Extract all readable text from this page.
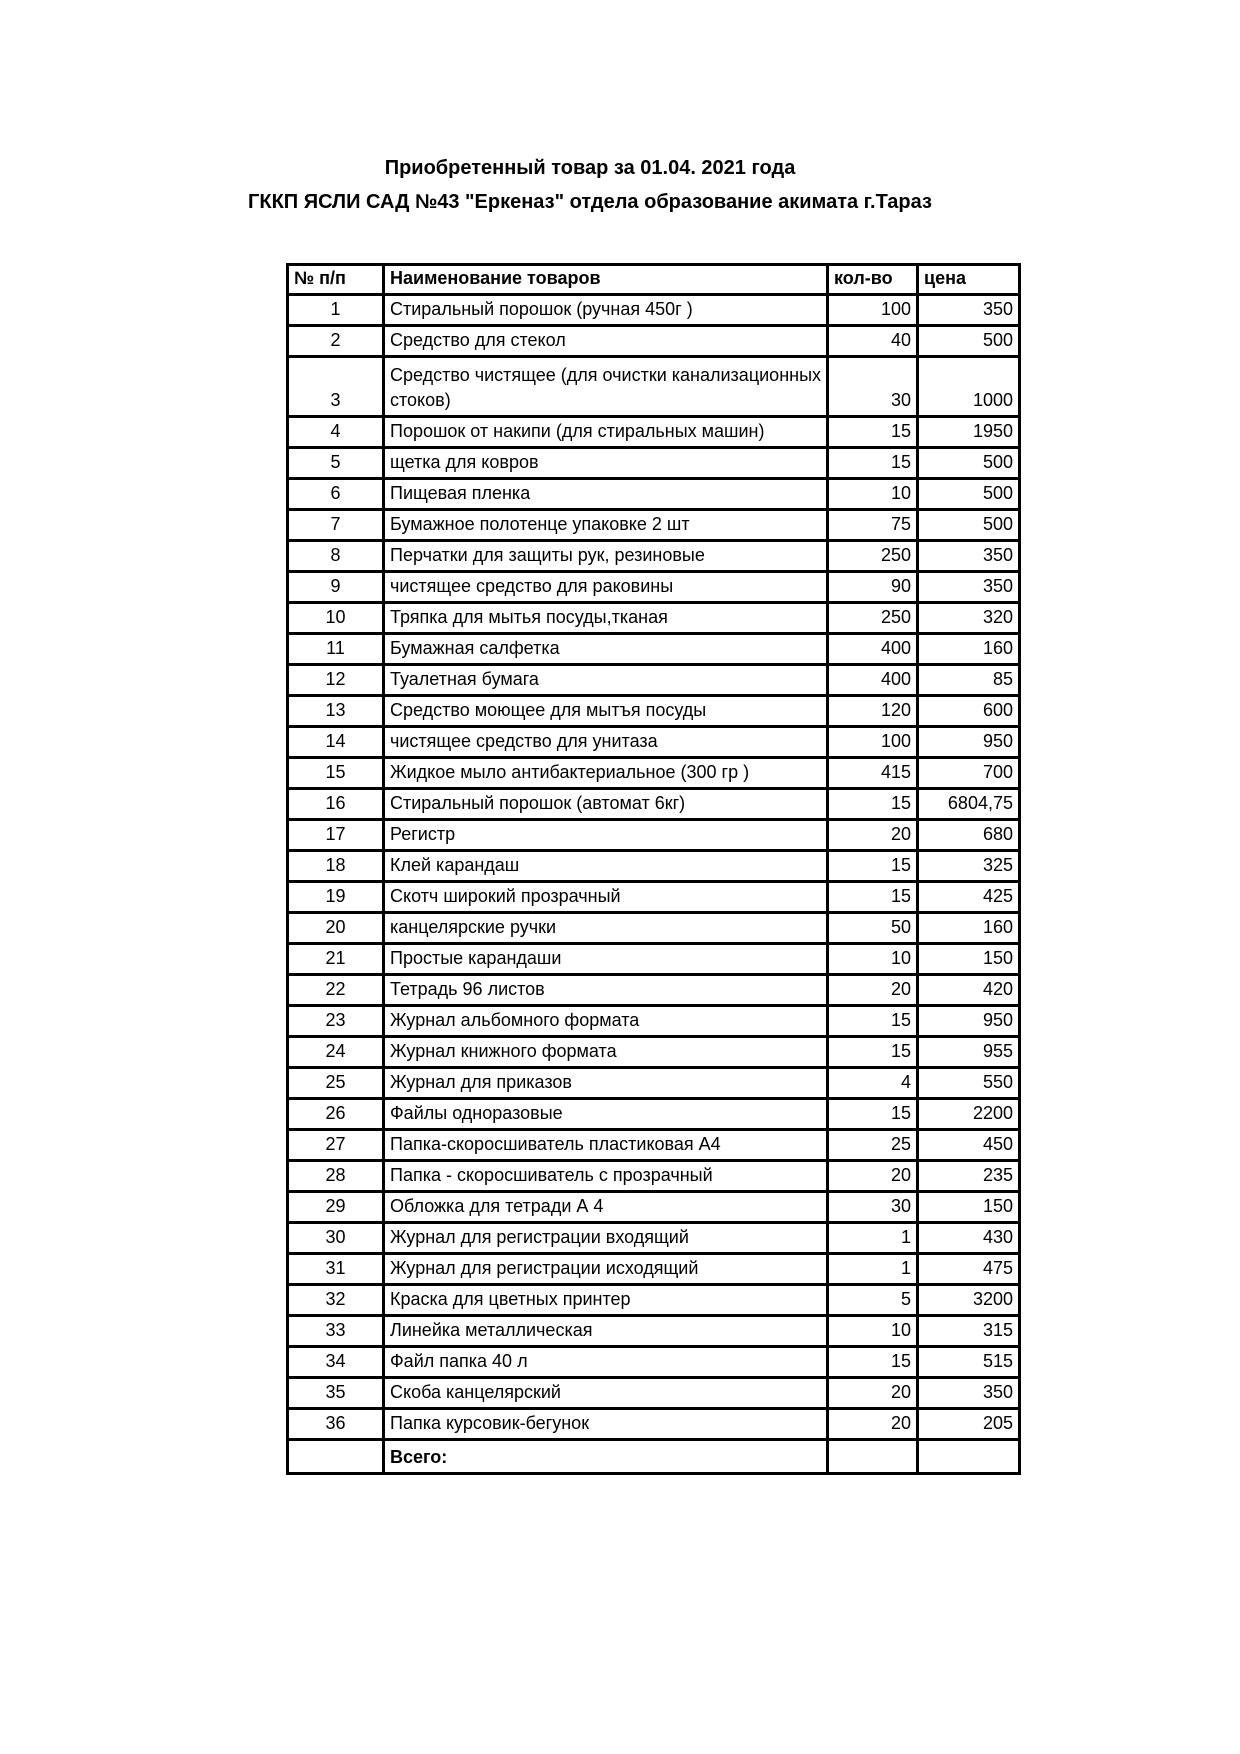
Приобретенный товар за 01.04. 2021 года
ГККП ЯСЛИ САД №43 "Еркеназ" отдела образование акимата г.Тараз
№ п/п	Наименование товаров	кол-во	цена
1	Стиральный порошок (ручная 450г )	100	350
2	Средство для стекол	40	500
3	Средство чистящее (для очистки канализационных стоков)	30	1000
4	Порошок от накипи (для стиральных машин)	15	1950
5	щетка для ковров	15	500
6	Пищевая пленка	10	500
7	Бумажное полотенце упаковке 2 шт	75	500
8	Перчатки для защиты рук, резиновые	250	350
9	чистящее средство для раковины	90	350
10	Тряпка для мытья посуды,тканая	250	320
11	Бумажная салфетка	400	160
12	Туалетная бумага	400	85
13	Средство моющее для мытъя посуды	120	600
14	чистящее средство для унитаза	100	950
15	Жидкое мыло антибактериальное (300 гр )	415	700
16	Стиральный порошок (автомат 6кг)	15	6804,75
17	Регистр	20	680
18	Клей карандаш	15	325
19	Скотч широкий прозрачный	15	425
20	канцелярские ручки	50	160
21	Простые карандаши	10	150
22	Тетрадь 96 листов	20	420
23	Журнал альбомного формата	15	950
24	Журнал книжного формата	15	955
25	Журнал для приказов	4	550
26	Файлы одноразовые	15	2200
27	Папка-скоросшиватель пластиковая А4	25	450
28	Папка - скоросшиватель с прозрачный	20	235
29	Обложка для тетради А 4	30	150
30	Журнал для регистрации входящий	1	430
31	Журнал для регистрации исходящий	1	475
32	Краска для цветных принтер	5	3200
33	Линейка металлическая	10	315
34	Файл папка 40 л	15	515
35	Скоба канцелярский	20	350
36	Папка курсовик-бегунок	20	205
	Всего:		
